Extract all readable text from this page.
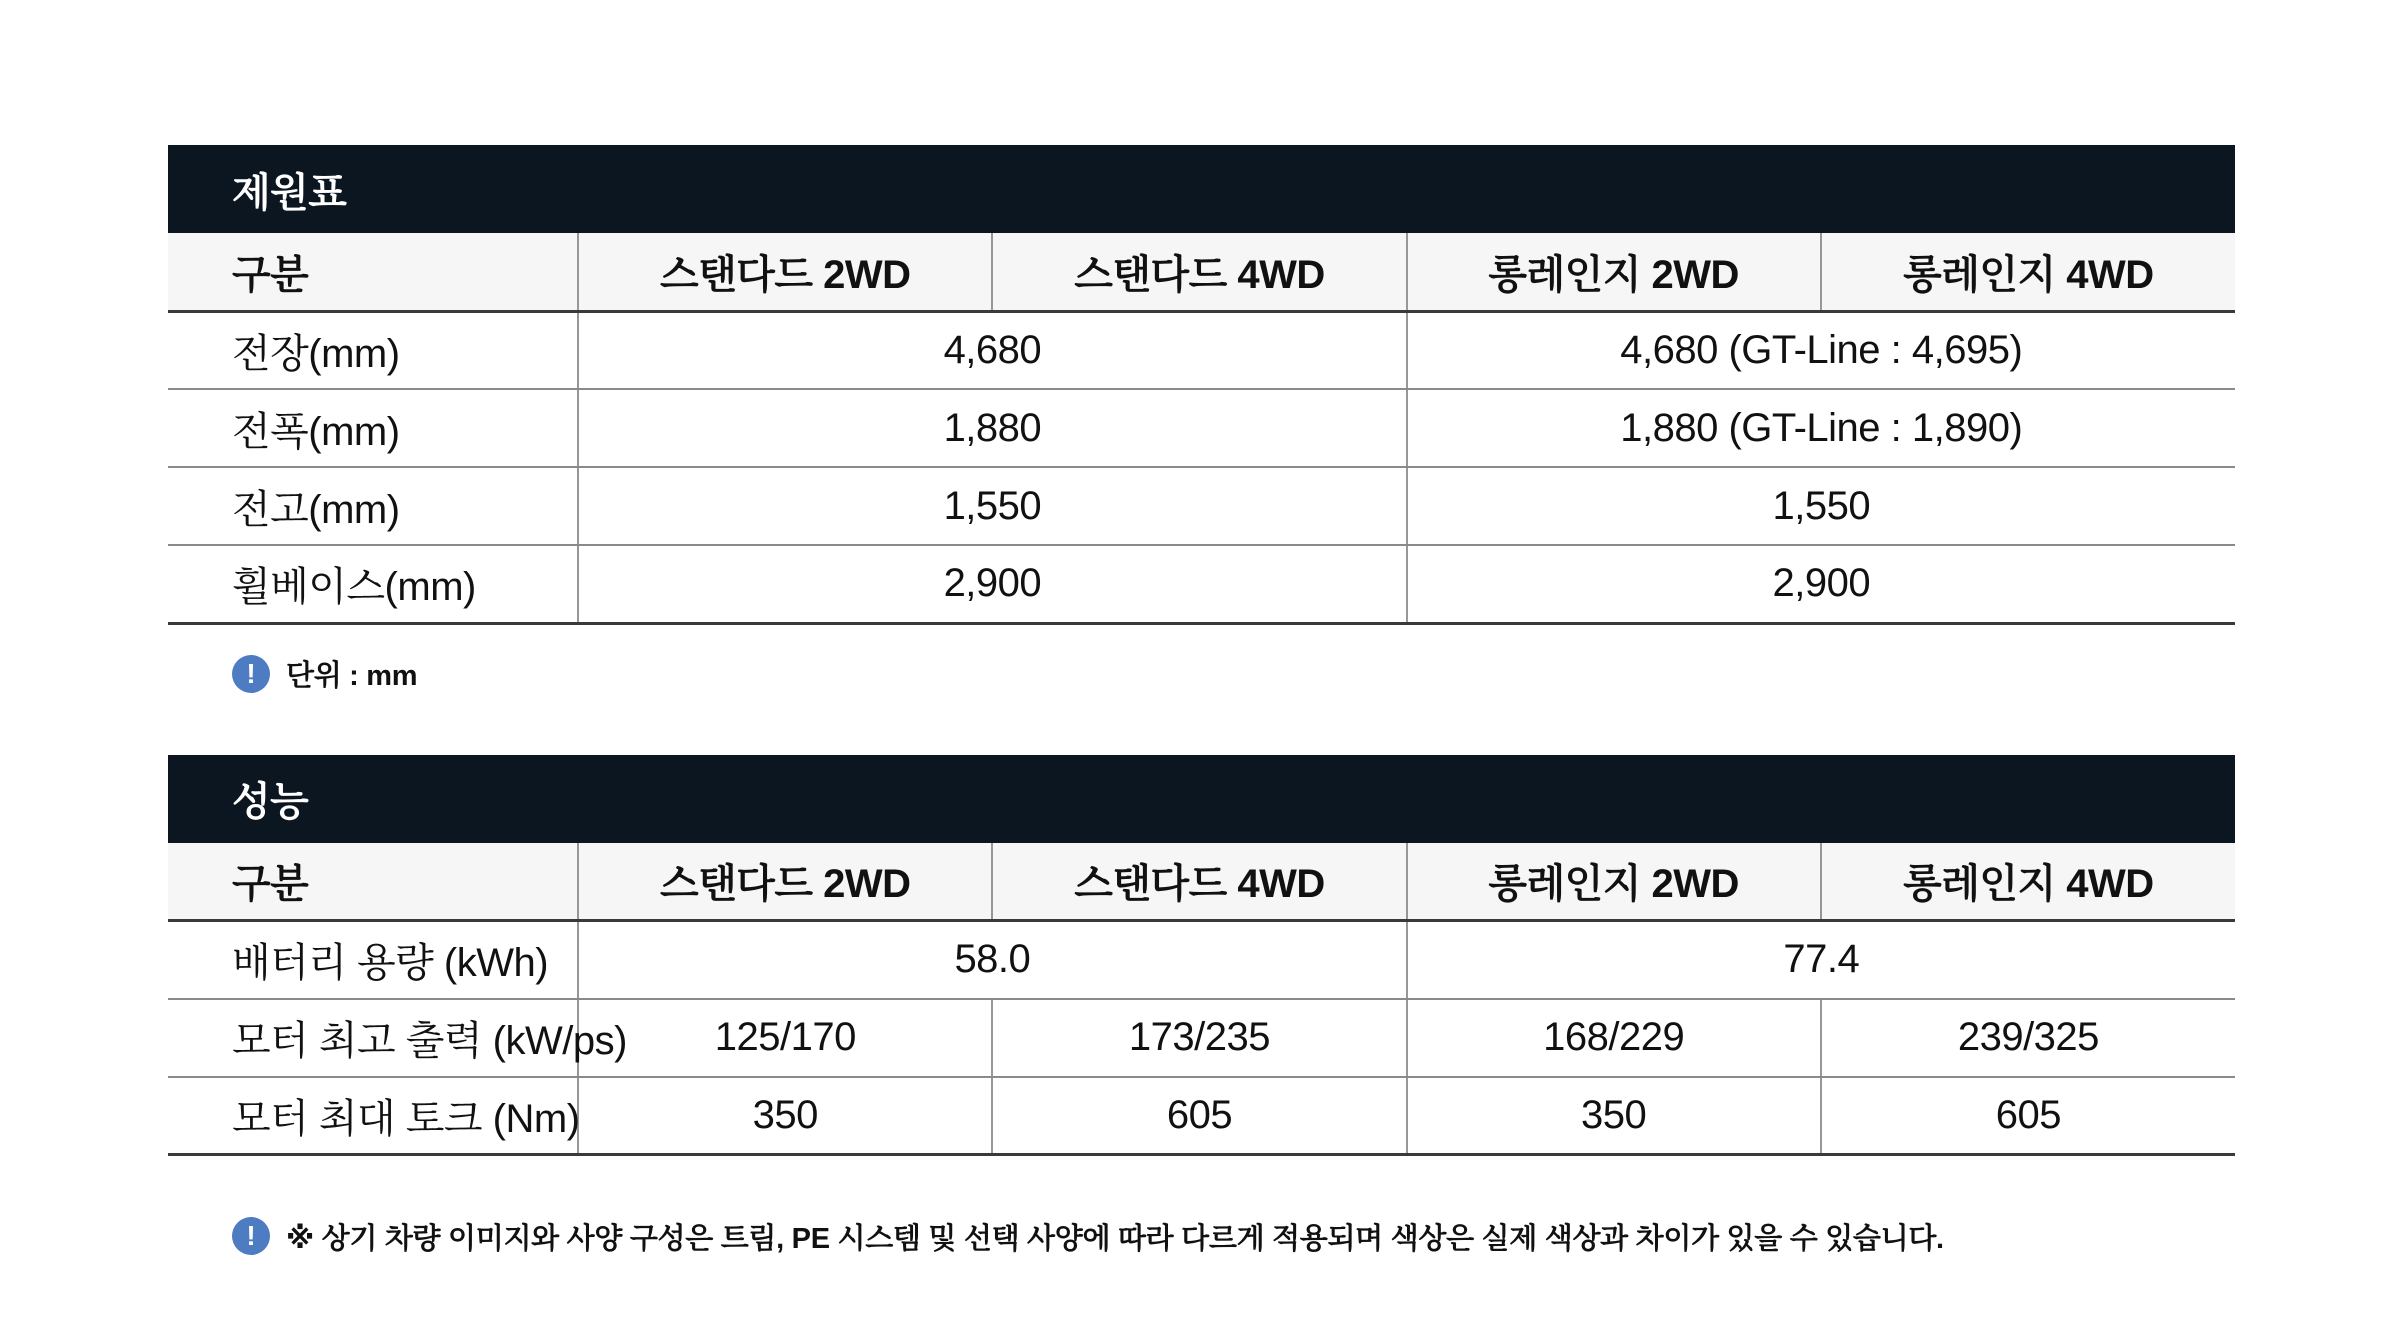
제원표
구분	스탠다드 2WD	스탠다드 4WD	롱레인지 2WD	롱레인지 4WD
전장(mm)	4,680		4,680 (GT-Line : 4,695)	
전폭(mm)	1,880		1,880 (GT-Line : 1,890)	
전고(mm)	1,550		1,550	
휠베이스(mm)	2,900		2,900	
!	단위 : mm
성능
구분	스탠다드 2WD	스탠다드 4WD	롱레인지 2WD	롱레인지 4WD
배터리 용량 (kWh)	58.0		77.4	
모터 최고 출력 (kW/ps)	125/170	173/235	168/229	239/325
모터 최대 토크 (Nm)	350	605	350	605
!	※ 상기 차량 이미지와 사양 구성은 트림, PE 시스템 및 선택 사양에 따라 다르게 적용되며 색상은 실제 색상과 차이가 있을 수 있습니다.
